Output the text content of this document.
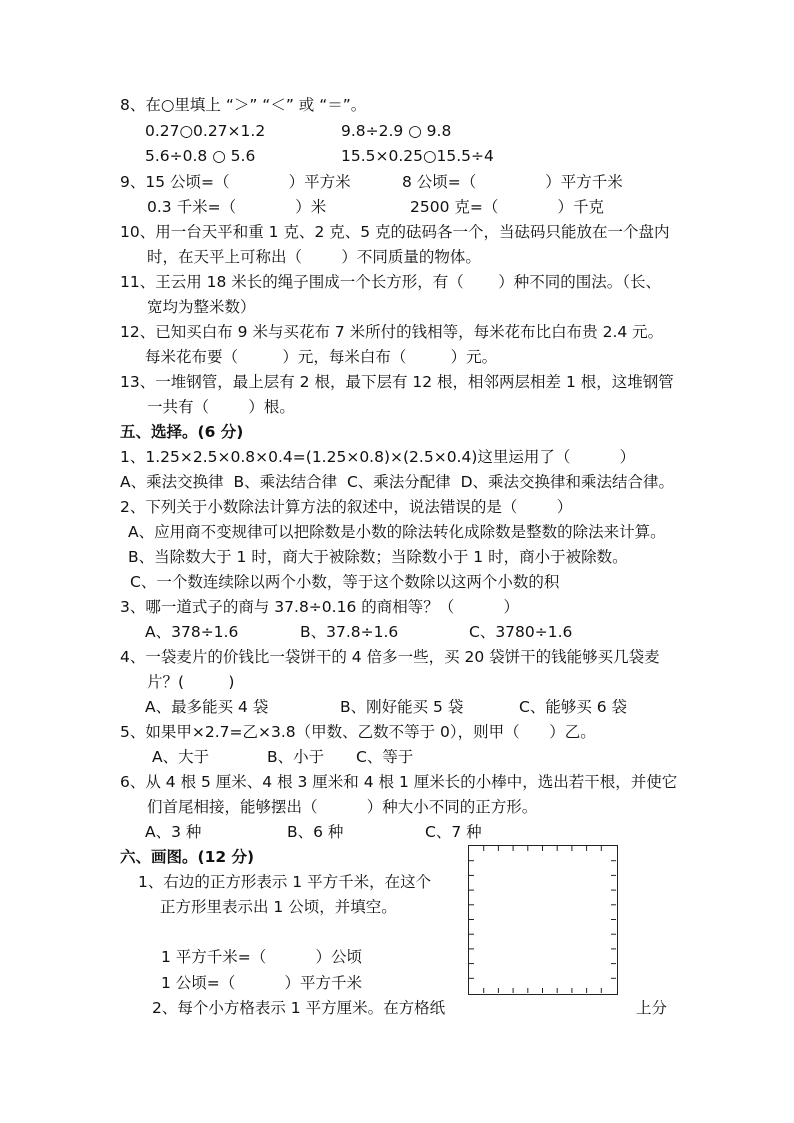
8、在○里填上 “＞” “＜” 或 “＝”。
0.27○0.27×1.2	9.8÷2.9 ○ 9.8
5.6÷0.8 ○ 5.6	15.5×0.25○15.5÷4
9、15 公顷=（            ）平方米	8 公顷=（              ）平方千米
0.3 千米=（            ）米	2500 克=（            ）千克
10、用一台天平和重 1 克、2 克、5 克的砝码各一个，当砝码只能放在一个盘内
时，在天平上可称出（        ）不同质量的物体。
11、王云用 18 米长的绳子围成一个长方形，有（       ）种不同的围法。（长、
宽均为整米数）
12、已知买白布 9 米与买花布 7 米所付的钱相等，每米花布比白布贵 2.4 元。
每米花布要（         ）元，每米白布（         ）元。
13、一堆钢管，最上层有 2 根，最下层有 12 根，相邻两层相差 1 根，这堆钢管
一共有（        ）根。
五、选择。(6 分)
1、1.25×2.5×0.8×0.4=(1.25×0.8)×(2.5×0.4)这里运用了（          ）
A、乘法交换律  B、乘法结合律  C、乘法分配律  D、乘法交换律和乘法结合律。
2、下列关于小数除法计算方法的叙述中，说法错误的是（        ）
A、应用商不变规律可以把除数是小数的除法转化成除数是整数的除法来计算。
B、当除数大于 1 时，商大于被除数；当除数小于 1 时，商小于被除数。
C、一个数连续除以两个小数，等于这个数除以这两个小数的积
3、哪一道式子的商与 37.8÷0.16 的商相等？（          ）
A、378÷1.6	B、37.8÷1.6	C、3780÷1.6
4、一袋麦片的价钱比一袋饼干的 4 倍多一些，买 20 袋饼干的钱能够买几袋麦
片？(         )
A、最多能买 4 袋	B、刚好能买 5 袋	C、能够买 6 袋
5、如果甲×2.7=乙×3.8（甲数、乙数不等于 0），则甲（      ）乙。
A、大于	B、小于 C、等于
6、从 4 根 5 厘米、4 根 3 厘米和 4 根 1 厘米长的小棒中，选出若干根，并使它
们首尾相接，能够摆出（          ）种大小不同的正方形。
A、3 种	B、6 种	C、7 种
六、画图。(12 分)
1、右边的正方形表示 1 平方千米，在这个
正方形里表示出 1 公顷，并填空。
1 平方千米=（          ）公顷
1 公顷=（          ）平方千米
2、每个小方格表示 1 平方厘米。在方格纸	上分
